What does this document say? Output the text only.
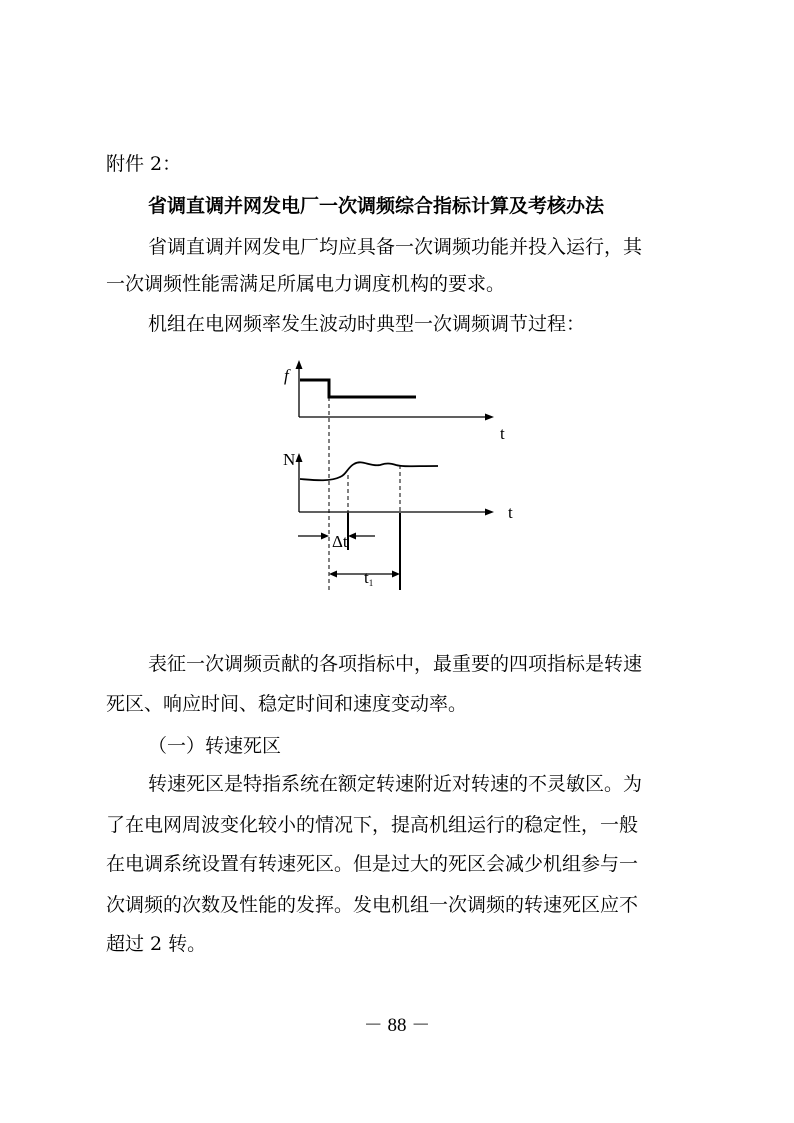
附件 2：
省调直调并网发电厂一次调频综合指标计算及考核办法
省调直调并网发电厂均应具备一次调频功能并投入运行，其
一次调频性能需满足所属电力调度机构的要求。
机组在电网频率发生波动时典型一次调频调节过程：
f
t
N
t
Δt
t1
表征一次调频贡献的各项指标中，最重要的四项指标是转速
死区、响应时间、稳定时间和速度变动率。
（一）转速死区
转速死区是特指系统在额定转速附近对转速的不灵敏区。为
了在电网周波变化较小的情况下，提高机组运行的稳定性，一般
在电调系统设置有转速死区。但是过大的死区会减少机组参与一
次调频的次数及性能的发挥。发电机组一次调频的转速死区应不
超过 2 转。
－ 88 －
